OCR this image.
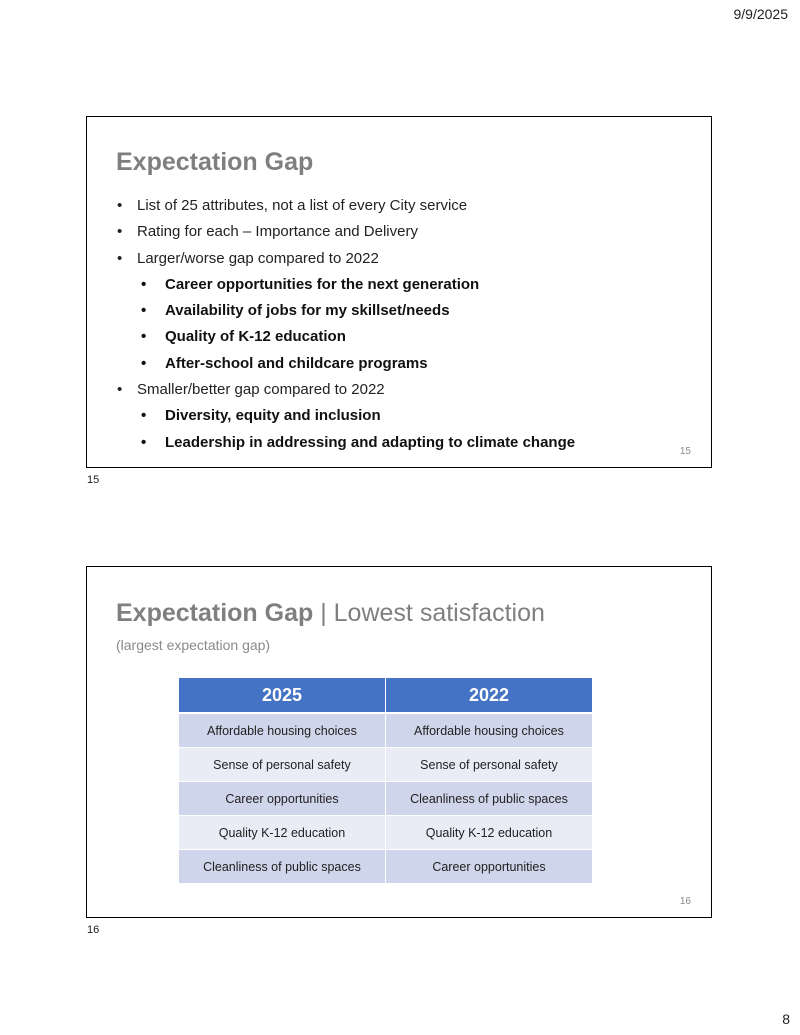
9/9/2025
Expectation Gap
• List of 25 attributes, not a list of every City service
• Rating for each – Importance and Delivery
• Larger/worse gap compared to 2022
• Career opportunities for the next generation
• Availability of jobs for my skillset/needs
• Quality of K-12 education
• After-school and childcare programs
• Smaller/better gap compared to 2022
• Diversity, equity and inclusion
• Leadership in addressing and adapting to climate change
15
15
Expectation Gap | Lowest satisfaction
(largest expectation gap)
2025	2022
Affordable housing choices	Affordable housing choices
Sense of personal safety	Sense of personal safety
Career opportunities	Cleanliness of public spaces
Quality K-12 education	Quality K-12 education
Cleanliness of public spaces	Career opportunities
16
16
8
